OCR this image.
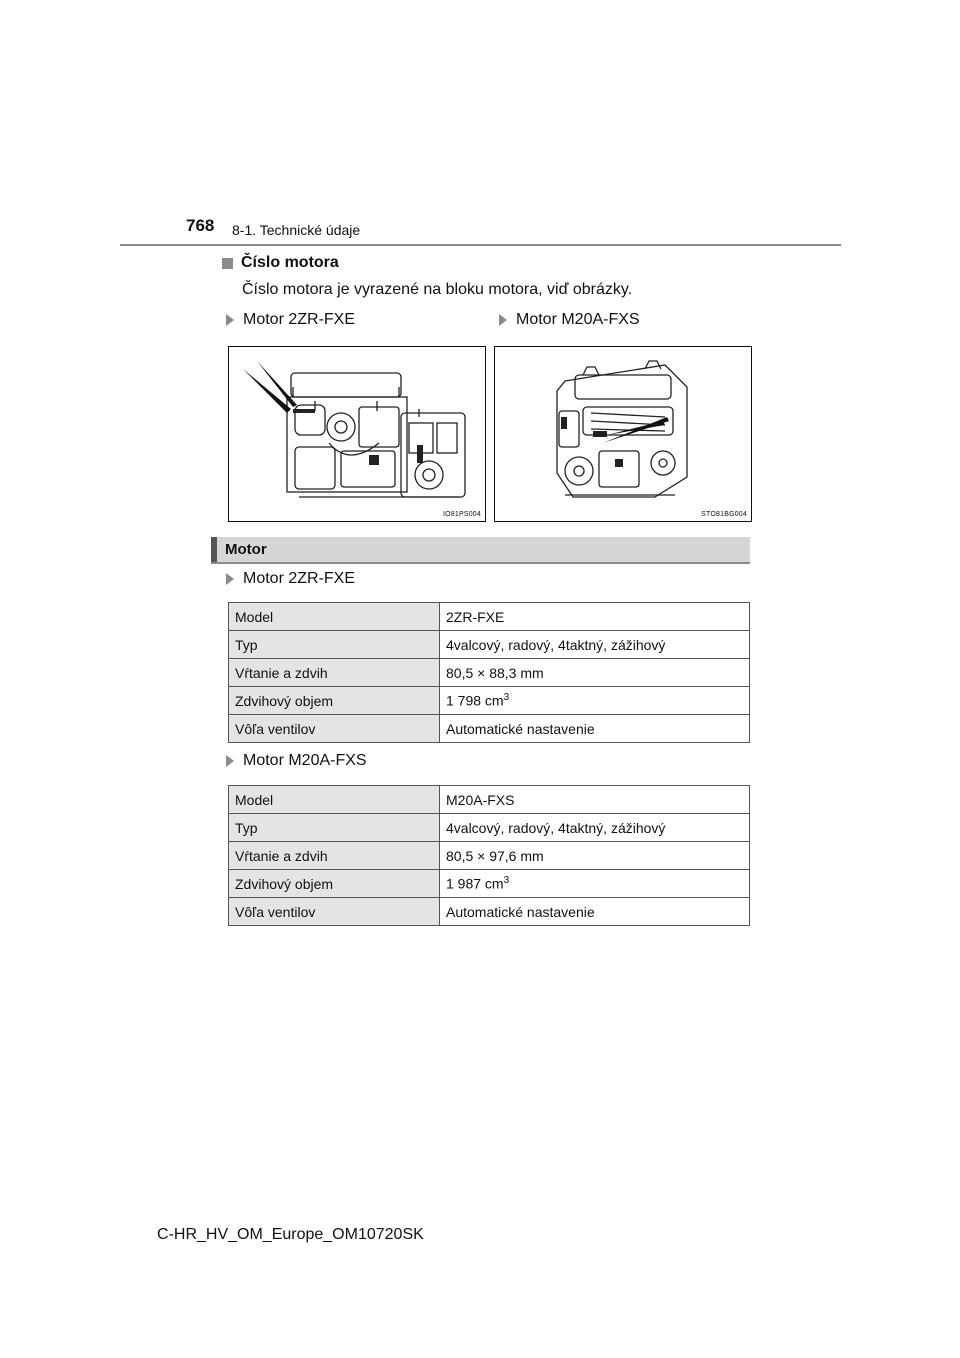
768 8-1. Technické údaje
Číslo motora
Číslo motora je vyrazené na bloku motora, viď obrázky.
Motor 2ZR-FXE	Motor M20A-FXS
IO81PS004	STO81BG004
Motor
Motor 2ZR-FXE
Model	2ZR-FXE
Typ	4valcový, radový, 4taktný, zážihový
Vŕtanie a zdvih	80,5 × 88,3 mm
Zdvihový objem	1 798 $cm^3$
Vôľa ventilov	Automatické nastavenie
Motor M20A-FXS
Model	M20A-FXS
Typ	4valcový, radový, 4taktný, zážihový
Vŕtanie a zdvih	80,5 × 97,6 mm
Zdvihový objem	1 987 $cm^3$
Vôľa ventilov	Automatické nastavenie
C-HR_HV_OM_Europe_OM10720SK
